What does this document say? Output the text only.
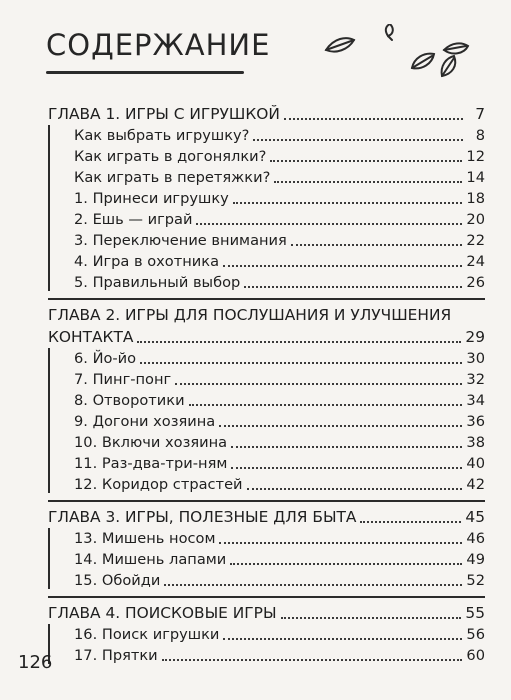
СОДЕРЖАНИЕ
ГЛАВА 1. ИГРЫ С ИГРУШКОЙ	7
Как выбрать игрушку?	8
Как играть в догонялки?	12
Как играть в перетяжки?	14
1. Принеси игрушку	18
2. Ешь — играй	20
3. Переключение внимания	22
4. Игра в охотника	24
5. Правильный выбор	26
ГЛАВА 2. ИГРЫ ДЛЯ ПОСЛУШАНИЯ И УЛУЧШЕНИЯ
КОНТАКТА	29
6. Йо-йо	30
7. Пинг-понг	32
8. Отворотики	34
9. Догони хозяина	36
10. Включи хозяина	38
11. Раз-два-три-ням	40
12. Коридор страстей	42
ГЛАВА 3. ИГРЫ, ПОЛЕЗНЫЕ ДЛЯ БЫТА	45
13. Мишень носом	46
14. Мишень лапами	49
15. Обойди	52
ГЛАВА 4. ПОИСКОВЫЕ ИГРЫ	55
16. Поиск игрушки	56
17. Прятки	60
126
